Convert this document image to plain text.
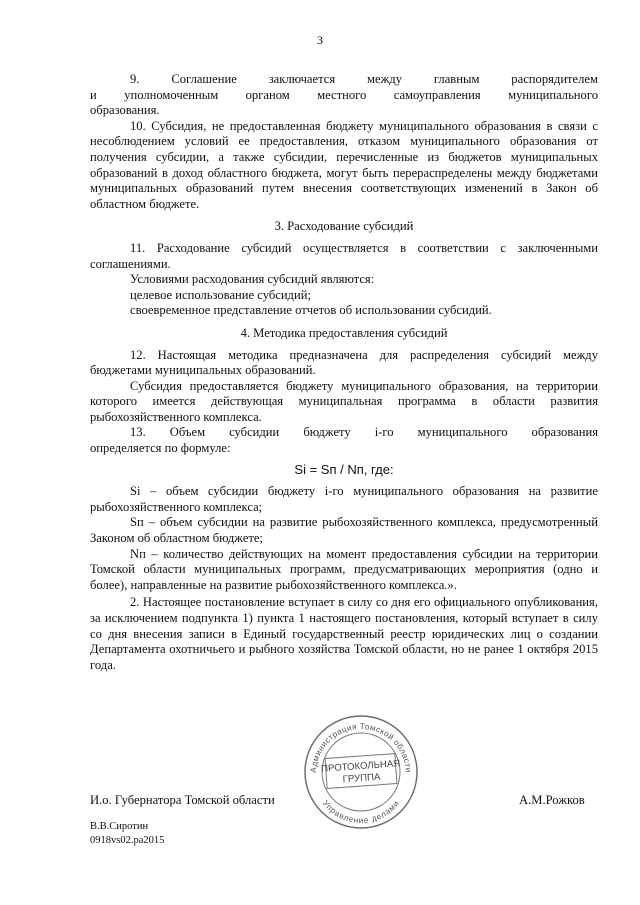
3

9. Соглашение заключается между главным распорядителем

и уполномоченным органом местного самоуправления муниципального

образования.

10. Субсидия, не предоставленная бюджету муниципального образования в связи с несоблюдением условий ее предоставления, отказом муниципального образования от получения субсидии, а также субсидии, перечисленные из бюджетов муниципальных образований в доход областного бюджета, могут быть перераспределены между бюджетами муниципальных образований путем внесения соответствующих изменений в Закон об областном бюджете.

3. Расходование субсидий

11. Расходование субсидий осуществляется в соответствии с заключенными соглашениями.

Условиями расходования субсидий являются:

целевое использование субсидий;

своевременное представление отчетов об использовании субсидий.

4. Методика предоставления субсидий

12. Настоящая методика предназначена для распределения субсидий между бюджетами муниципальных образований.

Субсидия предоставляется бюджету муниципального образования, на территории которого имеется действующая муниципальная программа в области развития рыбохозяйственного комплекса.

13. Объем субсидии бюджету i-го муниципального образования

определяется по формуле:

Si = Sп / Nп, где:

Si – объем субсидии бюджету i-го муниципального образования на развитие рыбохозяйственного комплекса;

Sп – объем субсидии на развитие рыбохозяйственного комплекса, предусмотренный Законом об областном бюджете;

Nп – количество действующих на момент предоставления субсидии на территории Томской области муниципальных программ, предусматривающих мероприятия (одно и более), направленные на развитие рыбохозяйственного комплекса.».

2. Настоящее постановление вступает в силу со дня его официального опубликования, за исключением подпункта 1) пункта 1 настоящего постановления, который вступает в силу со дня внесения записи в Единый государственный реестр юридических лиц о создании Департамента охотничьего и рыбного хозяйства Томской области, но не ранее 1 октября 2015 года.

Администрация Томской области
Управление делами
ПРОТОКОЛЬНАЯ
ГРУППА
И.о. Губернатора Томской области	А.М.Рожков
В.В.Сиротин
0918vs02.pa2015
